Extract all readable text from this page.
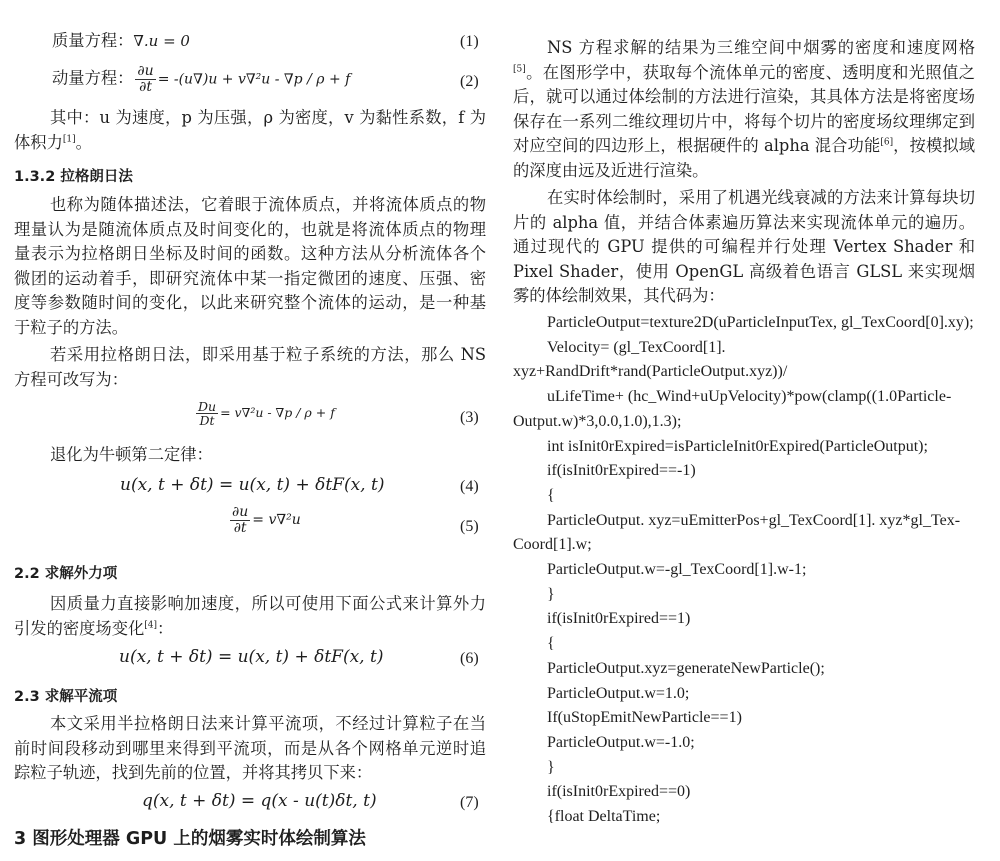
质量方程：∇.u = 0	(1)
动量方程： $\frac{\partial u}{\partial t} = -(u\nabla)u + v\nabla^2u - \nabla p / \rho + f$	(2)
其中：u 为速度，p 为压强，ρ 为密度，v 为黏性系数，f 为体积力[1]。
1.3.2 拉格朗日法
也称为随体描述法，它着眼于流体质点，并将流体质点的物理量认为是随流体质点及时间变化的，也就是将流体质点的物理量表示为拉格朗日坐标及时间的函数。这种方法从分析流体各个微团的运动着手，即研究流体中某一指定微团的速度、压强、密度等参数随时间的变化，以此来研究整个流体的运动，是一种基于粒子的方法。
若采用拉格朗日法，即采用基于粒子系统的方法，那么 NS 方程可改写为：
$\frac{Du}{Dt} = v\nabla^2u - \nabla p / \rho + f$	(3)
退化为牛顿第二定律：
u(x, t + δt) = u(x, t) + δtF(x, t)	(4)
$\frac{\partial u}{\partial t} = v\nabla^2u$	(5)
2.2 求解外力项
因质量力直接影响加速度，所以可使用下面公式来计算外力引发的密度场变化[4]：
u(x, t + δt) = u(x, t) + δtF(x, t)	(6)
2.3 求解平流项
本文采用半拉格朗日法来计算平流项，不经过计算粒子在当前时间段移动到哪里来得到平流项，而是从各个网格单元逆时追踪粒子轨迹，找到先前的位置，并将其拷贝下来：
q(x, t + δt) = q(x - u(t)δt, t)	(7)
3 图形处理器 GPU 上的烟雾实时体绘制算法
NS 方程求解的结果为三维空间中烟雾的密度和速度网格[5]。在图形学中，获取每个流体单元的密度、透明度和光照值之后，就可以通过体绘制的方法进行渲染，其具体方法是将密度场保存在一系列二维纹理切片中，将每个切片的密度场纹理绑定到对应空间的四边形上，根据硬件的 alpha 混合功能[6]，按模拟域的深度由远及近进行渲染。
在实时体绘制时，采用了机遇光线衰减的方法来计算每块切片的 alpha 值，并结合体素遍历算法来实现流体单元的遍历。通过现代的 GPU 提供的可编程并行处理 Vertex Shader 和 Pixel Shader，使用 OpenGL 高级着色语言 GLSL 来实现烟雾的体绘制效果，其代码为：
ParticleOutput=texture2D(uParticleInputTex, gl_TexCoord[0].xy);
Velocity= (gl_TexCoord[1]. xyz+RandDrift*rand(ParticleOutput.xyz))/
uLifeTime+ (hc_Wind+uUpVelocity)*pow(clamp((1.0Particle-Output.w)*3,0.0,1.0),1.3);
int isInit0rExpired=isParticleInit0rExpired(ParticleOutput);
if(isInit0rExpired==-1)
{
ParticleOutput. xyz=uEmitterPos+gl_TexCoord[1]. xyz*gl_Tex-Coord[1].w;
ParticleOutput.w=-gl_TexCoord[1].w-1;
}
if(isInit0rExpired==1)
{
ParticleOutput.xyz=generateNewParticle();
ParticleOutput.w=1.0;
If(uStopEmitNewParticle==1)
ParticleOutput.w=-1.0;
}
if(isInit0rExpired==0)
{float DeltaTime;
